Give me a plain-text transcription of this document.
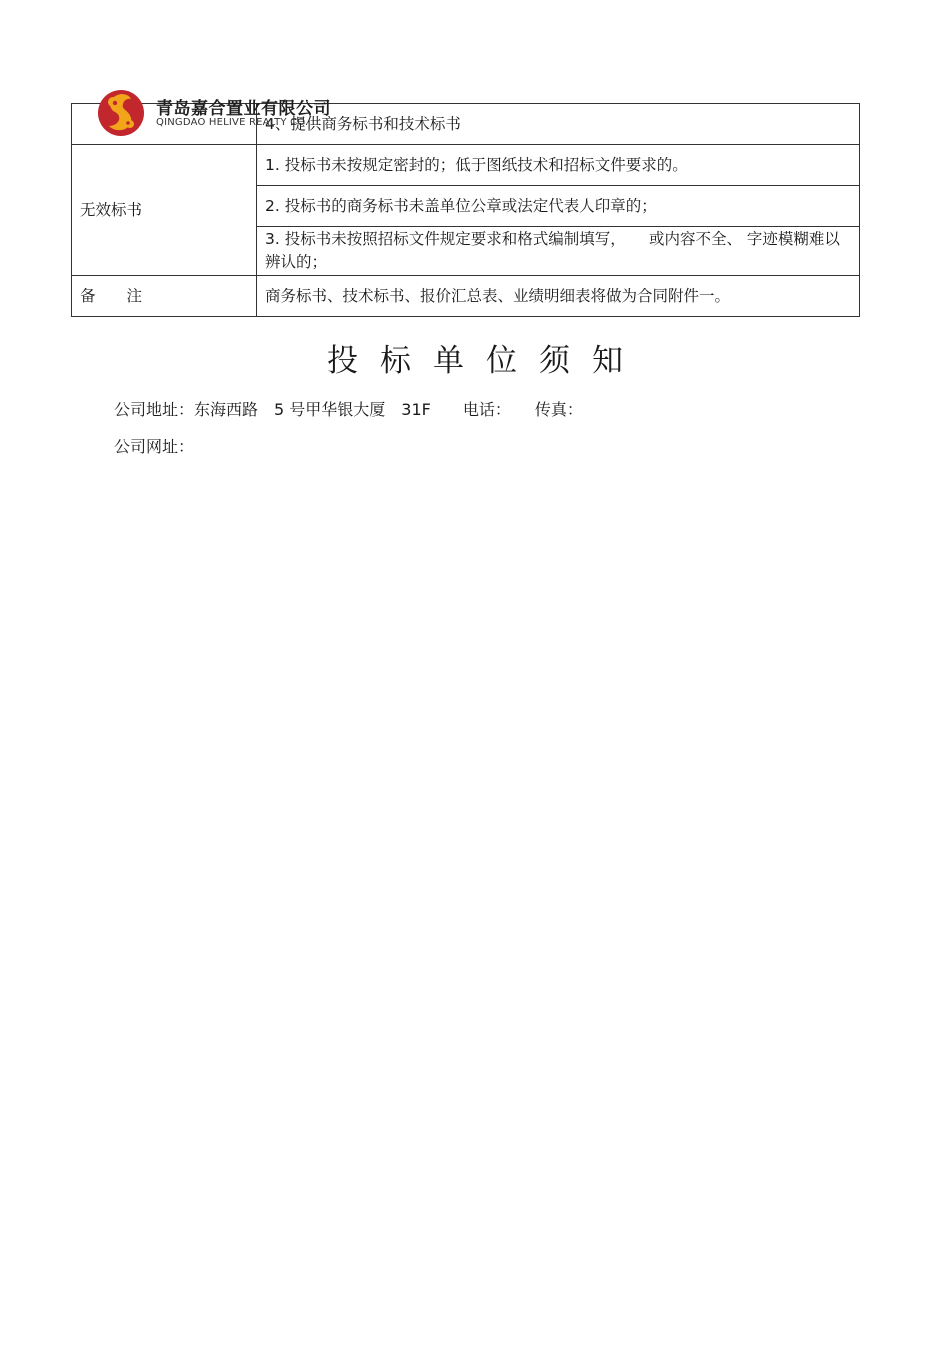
青岛嘉合置业有限公司
QINGDAO HELIVE REALTY CO.
	4、提供商务标书和技术标书
无效标书	1. 投标书未按规定密封的；低于图纸技术和招标文件要求的。
	2. 投标书的商务标书未盖单位公章或法定代表人印章的；
	3. 投标书未按照招标文件规定要求和格式编制填写，　　或内容不全、 字迹模糊难以辨认的；
备　　注	商务标书、技术标书、报价汇总表、业绩明细表将做为合同附件一。
投标单位须知
公司地址：东海西路　5 号甲华银大厦　31F　　电话：　　传真：
公司网址：
